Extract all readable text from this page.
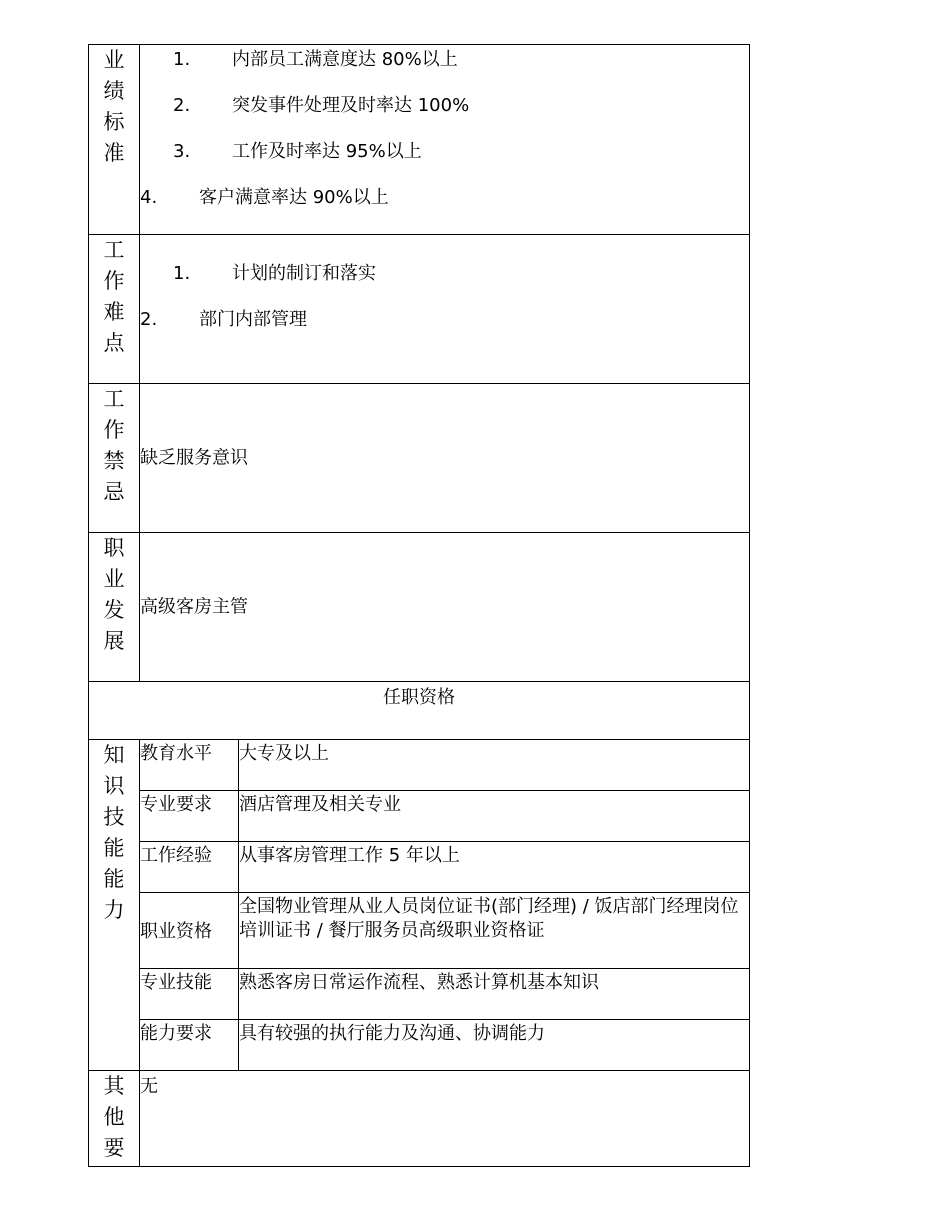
业绩标准

1. 内部员工满意度达 80%以上
2. 突发事件处理及时率达 100%
3. 工作及时率达 95%以上
4. 客户满意率达 90%以上

工作难点

1. 计划的制订和落实
2. 部门内部管理

工作禁忌

缺乏服务意识

职业发展

高级客房主管

任职资格

知识技能能力

教育水平	大专及以上
专业要求	酒店管理及相关专业
工作经验	从事客房管理工作 5 年以上
职业资格	全国物业管理从业人员岗位证书(部门经理) / 饭店部门经理岗位培训证书 / 餐厅服务员高级职业资格证
专业技能	熟悉客房日常运作流程、熟悉计算机基本知识
能力要求	具有较强的执行能力及沟通、协调能力

其他要

无
